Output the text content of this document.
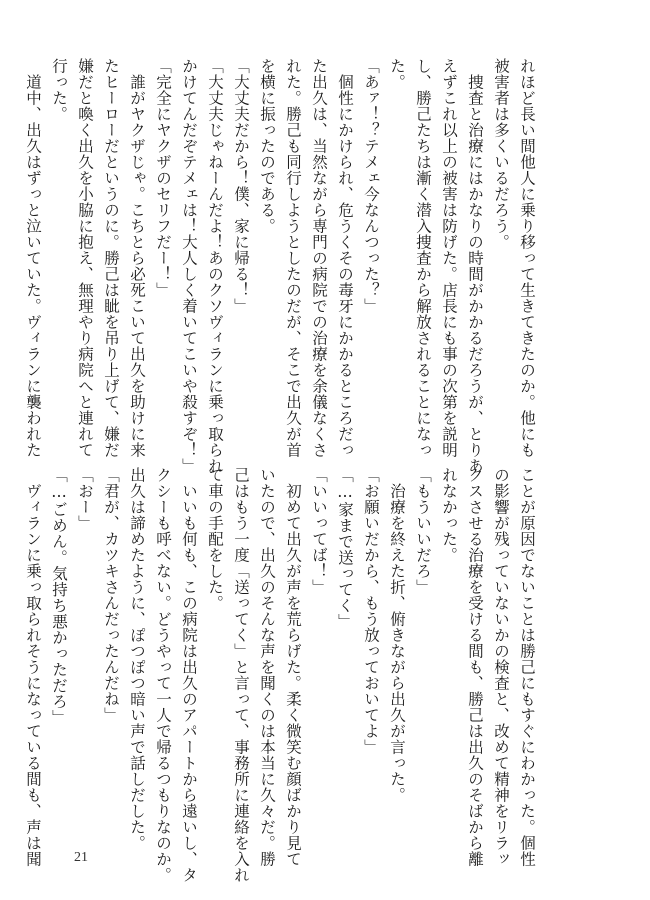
れほど長い間他人に乗り移って生きてきたのか。他にも
被害者は多くいるだろう。
　捜査と治療にはかなりの時間がかかるだろうが、とりあ
えずこれ以上の被害は防げた。店長にも事の次第を説明
し、勝己たちは漸く潜入捜査から解放されることになっ
た。
「あァ！？テメェ今なんつった？」
　個性にかけられ、危うくその毒牙にかかるところだっ
た出久は、当然ながら専門の病院での治療を余儀なくさ
れた。勝己も同行しようとしたのだが、そこで出久が首
を横に振ったのである。
「大丈夫だから！僕、家に帰る！」
「大丈夫じゃねーんだよ！あのクソヴィランに乗っ取られ
かけてんだぞテメェは！大人しく着いてこいや殺すぞ！」
「完全にヤクザのセリフだー！」
　誰がヤクザじゃ。こちとら必死こいて出久を助けに来
たヒーローだというのに。勝己は眦を吊り上げて、嫌だ
嫌だと喚く出久を小脇に抱え、無理やり病院へと連れて
行った。
　道中、出久はずっと泣いていた。ヴィランに襲われた
ことが原因でないことは勝己にもすぐにわかった。個性
の影響が残っていないかの検査と、改めて精神をリラッ
クスさせる治療を受ける間も、勝己は出久のそばから離
れなかった。
「もういいだろ」
　治療を終えた折、俯きながら出久が言った。
「お願いだから、もう放っておいてよ」
「…家まで送ってく」
「いいってば！」
　初めて出久が声を荒らげた。柔く微笑む顔ばかり見て
いたので、出久のそんな声を聞くのは本当に久々だ。勝
己はもう一度「送ってく」と言って、事務所に連絡を入れ
て車の手配をした。
　いいも何も、この病院は出久のアパートから遠いし、タ
クシーも呼べない。どうやって一人で帰るつもりなのか。
出久は諦めたように、ぽつぽつ暗い声で話しだした。
「君が、カツキさんだったんだね」
「おー」
「…ごめん。気持ち悪かっただろ」
　ヴィランに乗っ取られそうになっている間も、声は聞 21
